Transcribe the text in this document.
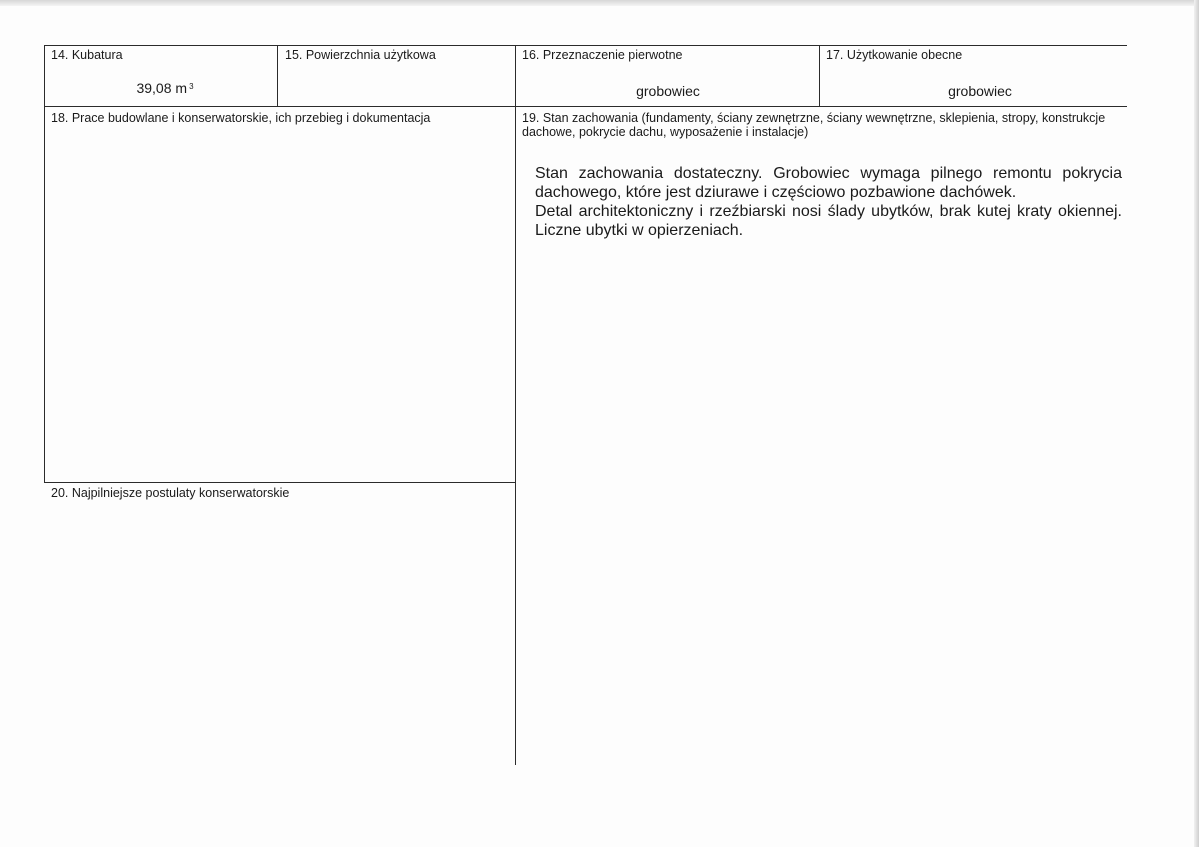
14. Kubatura
39,08 m $^3$
15. Powierzchnia użytkowa	16. Przeznaczenie pierwotne
grobowiec
17. Użytkowanie obecne
grobowiec
18. Prace budowlane i konserwatorskie, ich przebieg i dokumentacja	19. Stan zachowania (fundamenty, ściany zewnętrzne, ściany wewnętrzne, sklepienia, stropy, konstrukcje dachowe, pokrycie dachu, wyposażenie i instalacje)

Stan zachowania dostateczny. Grobowiec wymaga pilnego remontu pokrycia dachowego, które jest dziurawe i częściowo pozbawione dachówek.

Detal architektoniczny i rzeźbiarski nosi ślady ubytków, brak kutej kraty okiennej. Liczne ubytki w opierzeniach.

20. Najpilniejsze postulaty konserwatorskie
